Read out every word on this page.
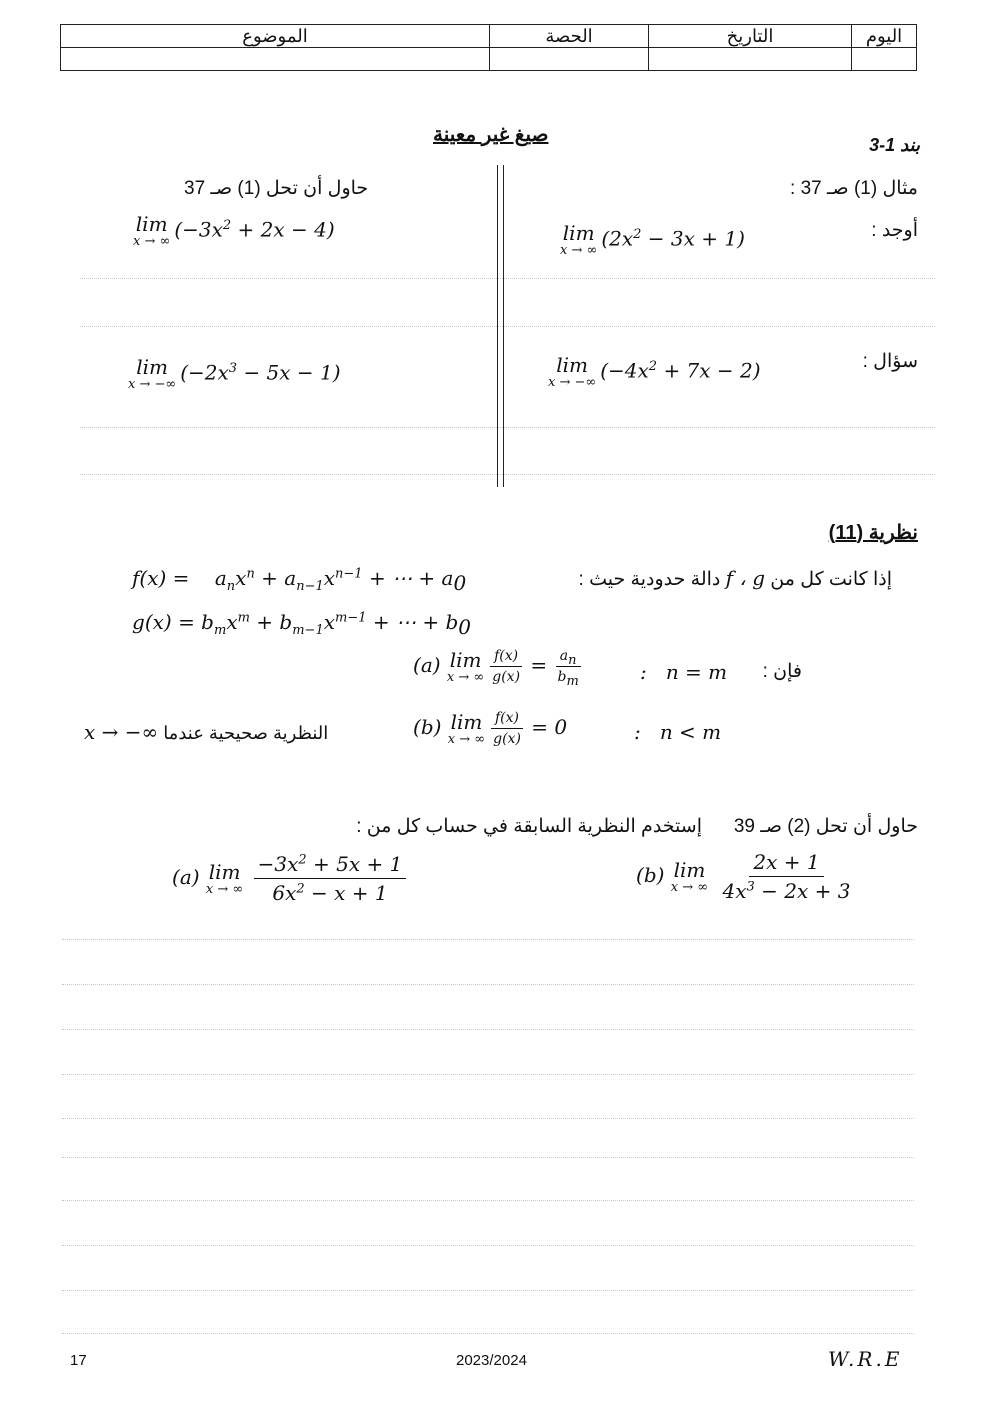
الموضوع	الحصة	التاريخ	اليوم

صيغ غير معينة	بند 1-3
مثال (1) صـ 37 :
حاول أن تحل (1) صـ 37
أوجد :
lim
x → ∞ $(2x^2 - 3x + 1)$
lim
x → ∞ $(-3x^2 + 2x - 4)$
سؤال :
lim
x → −∞ $(-4x^2 + 7x - 2)$
lim
x → −∞ $(-2x^3 - 5x - 1)$
نظرية (11)
إذا كانت كل من f ، g دالة حدودية حيث :
f(x) =    $a_nx^n + a_{n-1}x^{n-1}$ + ⋯ + $a_0$
$g(x) = b_mx^m + b_{m-1}x^{m-1}$ + ⋯ + $b_0$
فإن :
:   n = m
(a) lim
x → ∞ $\frac{f(x)}{g(x)} = \frac{a_n}{b_m}$
:   n < m
(b) lim
x → ∞ $\frac{f(x)}{g(x)} = 0$
x → −∞ النظرية صحيحية عندما
حاول أن تحل (2) صـ 39
إستخدم النظرية السابقة في حساب كل من :
(a) lim
x → ∞
$\frac{-3x^2 + 5x + 1}{6x^2 - x + 1}$	(b) lim
x → ∞
$\frac{2x + 1}{4x^3 - 2x + 3}$
17	2023/2024	W.R.E
